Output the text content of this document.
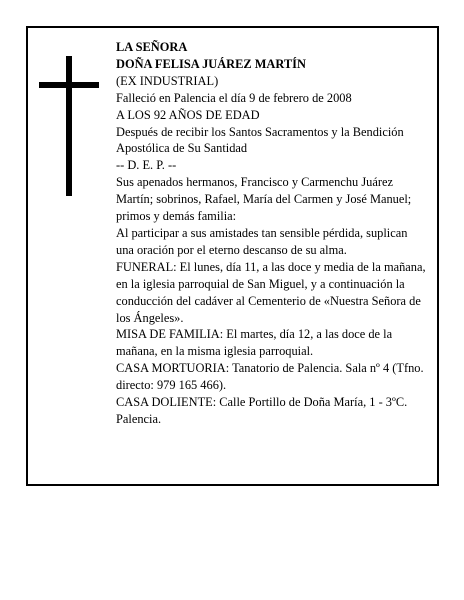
LA SEÑORA

DOÑA FELISA JUÁREZ MARTÍN

(EX INDUSTRIAL)

Falleció en Palencia el día 9 de febrero de 2008

A LOS 92 AÑOS DE EDAD

Después de recibir los Santos Sacramentos y la Bendición Apostólica de Su Santidad

-- D. E. P. --

Sus apenados hermanos, Francisco y Carmenchu Juárez Martín; sobrinos, Rafael, María del Carmen y José Manuel; primos y demás familia:

Al participar a sus amistades tan sensible pérdida, suplican una oración por el eterno descanso de su alma.

FUNERAL: El lunes, día 11, a las doce y media de la mañana, en la iglesia parroquial de San Miguel, y a continuación la conducción del cadáver al Cementerio de «Nuestra Señora de los Ángeles».

MISA DE FAMILIA: El martes, día 12, a las doce de la mañana, en la misma iglesia parroquial.

CASA MORTUORIA: Tanatorio de Palencia. Sala nº 4 (Tfno. directo: 979 165 466).

CASA DOLIENTE: Calle Portillo de Doña María, 1 - 3ºC. Palencia.
